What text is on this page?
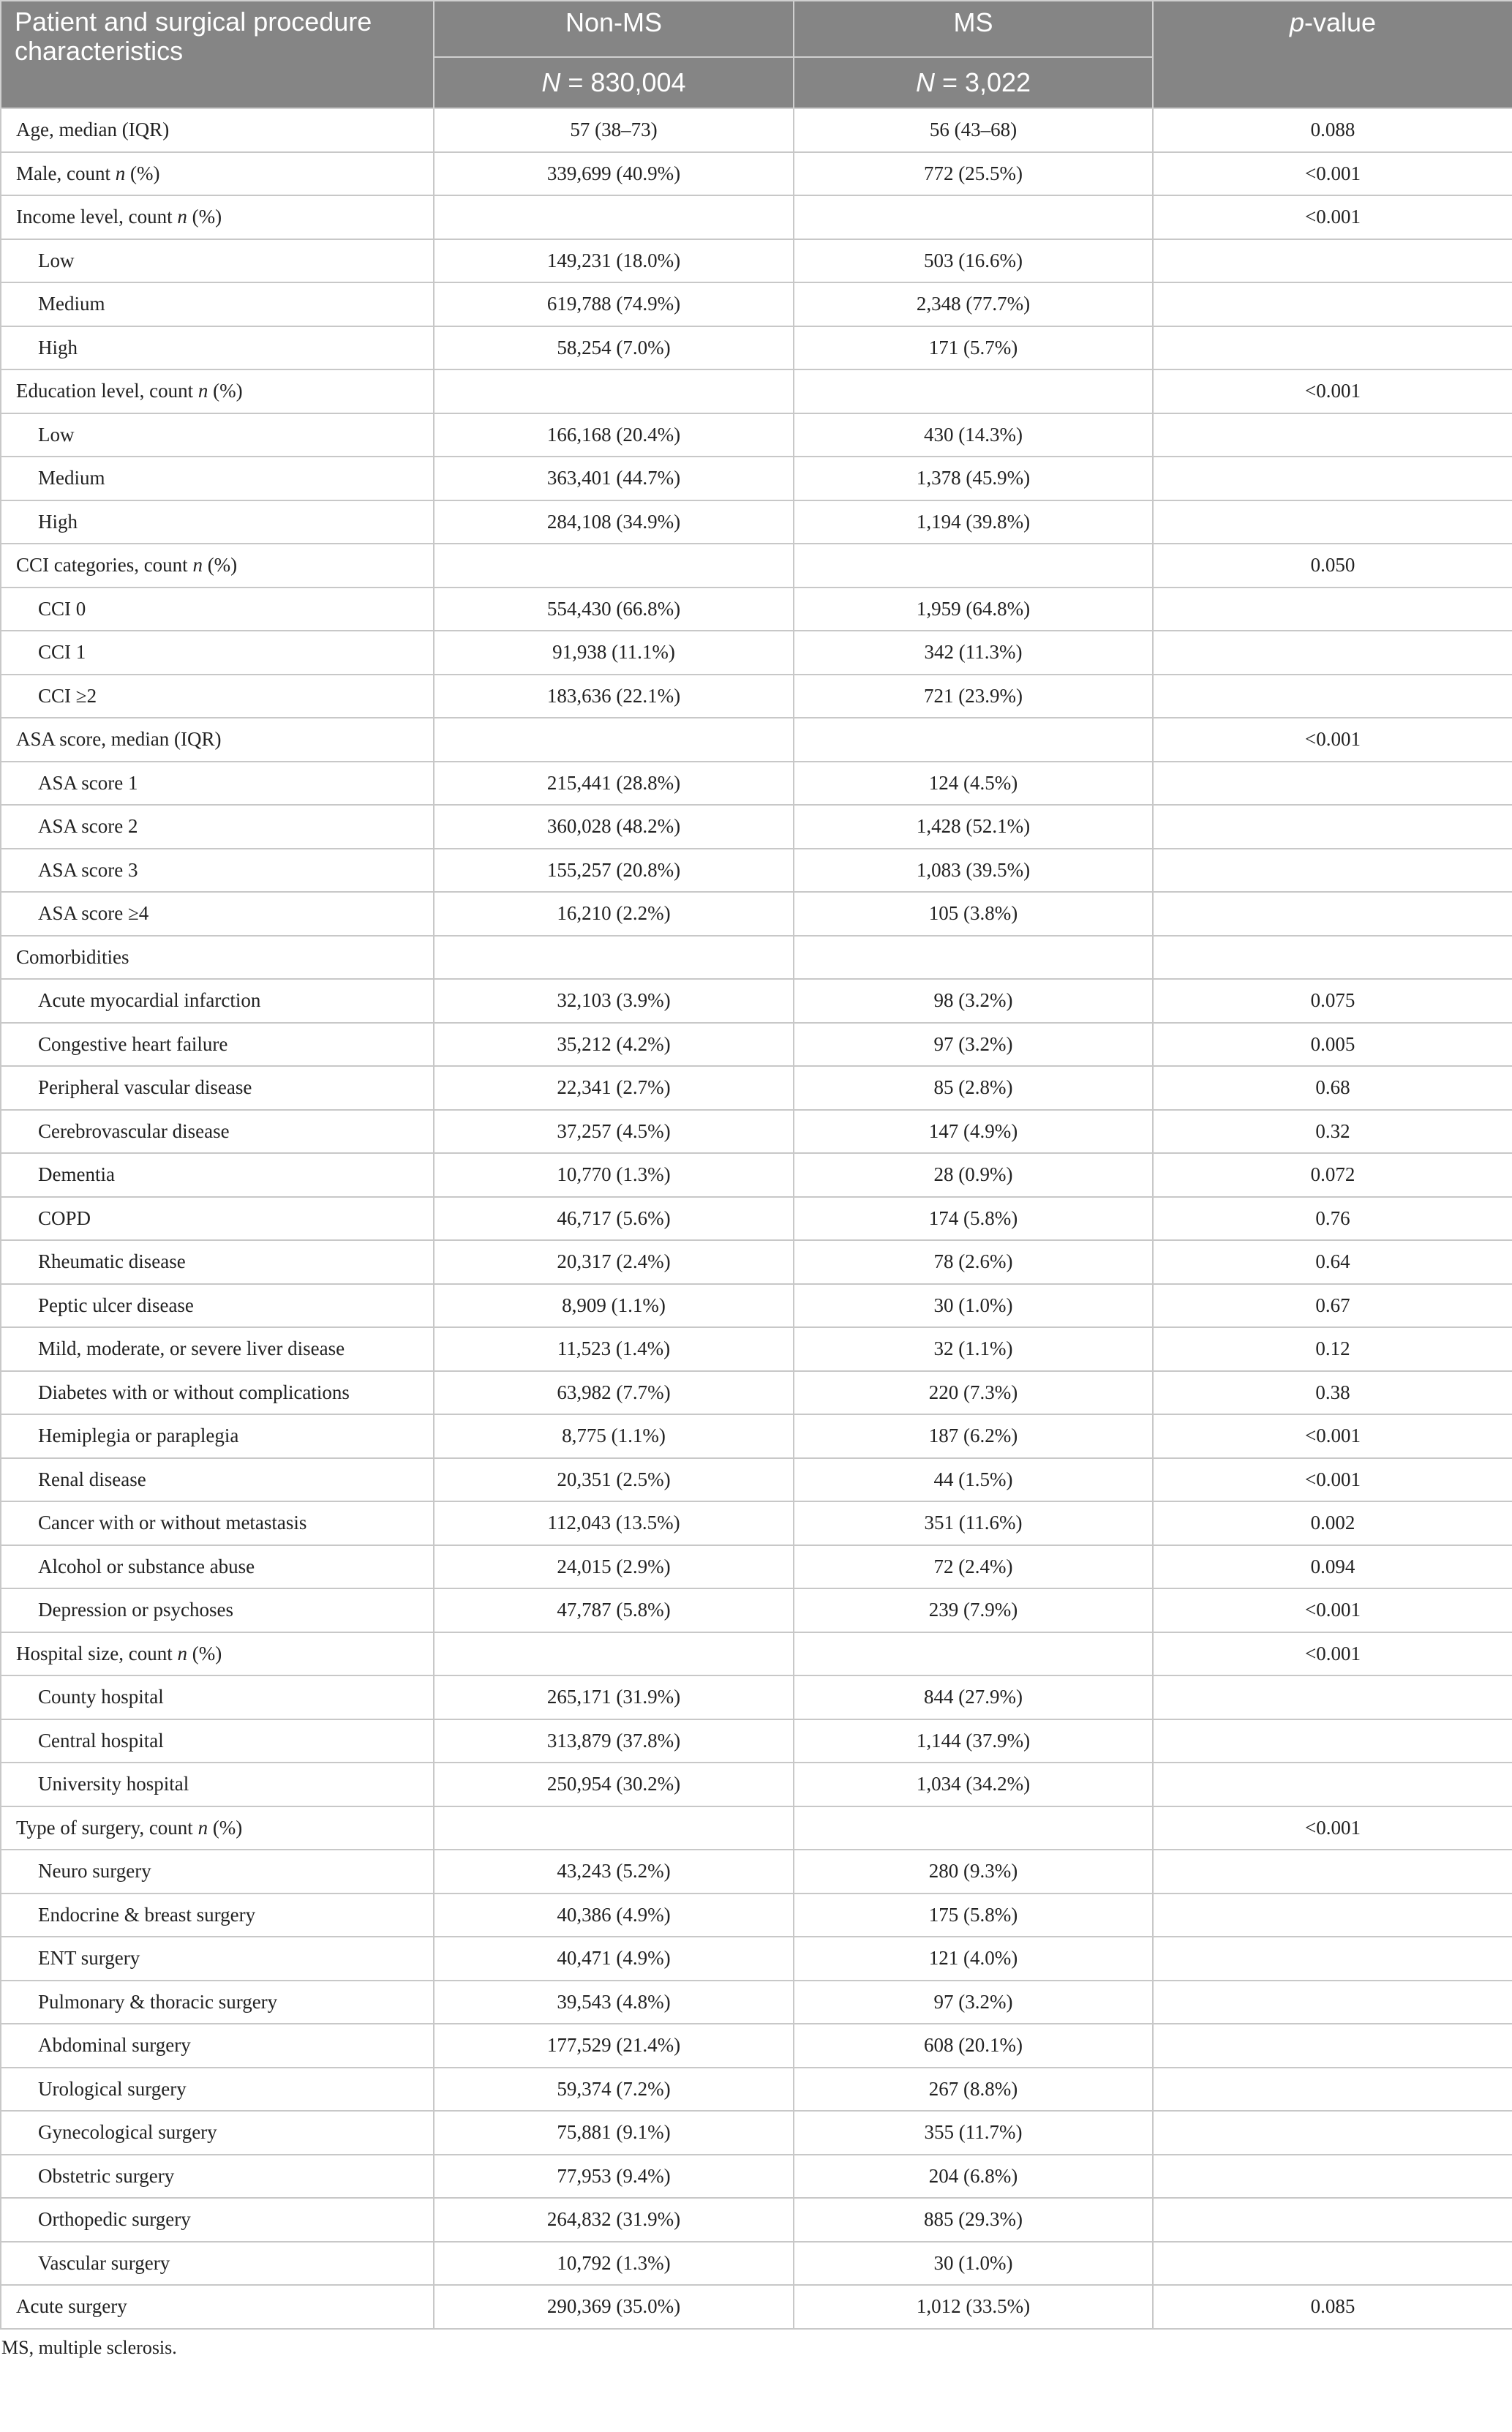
Patient and surgical procedure characteristics	Non-MS	MS	p-value
	N = 830,004	N = 3,022	
Age, median (IQR)	57 (38–73)	56 (43–68)	0.088
Male, count n (%)	339,699 (40.9%)	772 (25.5%)	<0.001
Income level, count n (%)			<0.001
Low	149,231 (18.0%)	503 (16.6%)	
Medium	619,788 (74.9%)	2,348 (77.7%)	
High	58,254 (7.0%)	171 (5.7%)	
Education level, count n (%)			<0.001
Low	166,168 (20.4%)	430 (14.3%)	
Medium	363,401 (44.7%)	1,378 (45.9%)	
High	284,108 (34.9%)	1,194 (39.8%)	
CCI categories, count n (%)			0.050
CCI 0	554,430 (66.8%)	1,959 (64.8%)	
CCI 1	91,938 (11.1%)	342 (11.3%)	
CCI ≥2	183,636 (22.1%)	721 (23.9%)	
ASA score, median (IQR)			<0.001
ASA score 1	215,441 (28.8%)	124 (4.5%)	
ASA score 2	360,028 (48.2%)	1,428 (52.1%)	
ASA score 3	155,257 (20.8%)	1,083 (39.5%)	
ASA score ≥4	16,210 (2.2%)	105 (3.8%)	
Comorbidities			
Acute myocardial infarction	32,103 (3.9%)	98 (3.2%)	0.075
Congestive heart failure	35,212 (4.2%)	97 (3.2%)	0.005
Peripheral vascular disease	22,341 (2.7%)	85 (2.8%)	0.68
Cerebrovascular disease	37,257 (4.5%)	147 (4.9%)	0.32
Dementia	10,770 (1.3%)	28 (0.9%)	0.072
COPD	46,717 (5.6%)	174 (5.8%)	0.76
Rheumatic disease	20,317 (2.4%)	78 (2.6%)	0.64
Peptic ulcer disease	8,909 (1.1%)	30 (1.0%)	0.67
Mild, moderate, or severe liver disease	11,523 (1.4%)	32 (1.1%)	0.12
Diabetes with or without complications	63,982 (7.7%)	220 (7.3%)	0.38
Hemiplegia or paraplegia	8,775 (1.1%)	187 (6.2%)	<0.001
Renal disease	20,351 (2.5%)	44 (1.5%)	<0.001
Cancer with or without metastasis	112,043 (13.5%)	351 (11.6%)	0.002
Alcohol or substance abuse	24,015 (2.9%)	72 (2.4%)	0.094
Depression or psychoses	47,787 (5.8%)	239 (7.9%)	<0.001
Hospital size, count n (%)			<0.001
County hospital	265,171 (31.9%)	844 (27.9%)	
Central hospital	313,879 (37.8%)	1,144 (37.9%)	
University hospital	250,954 (30.2%)	1,034 (34.2%)	
Type of surgery, count n (%)			<0.001
Neuro surgery	43,243 (5.2%)	280 (9.3%)	
Endocrine & breast surgery	40,386 (4.9%)	175 (5.8%)	
ENT surgery	40,471 (4.9%)	121 (4.0%)	
Pulmonary & thoracic surgery	39,543 (4.8%)	97 (3.2%)	
Abdominal surgery	177,529 (21.4%)	608 (20.1%)	
Urological surgery	59,374 (7.2%)	267 (8.8%)	
Gynecological surgery	75,881 (9.1%)	355 (11.7%)	
Obstetric surgery	77,953 (9.4%)	204 (6.8%)	
Orthopedic surgery	264,832 (31.9%)	885 (29.3%)	
Vascular surgery	10,792 (1.3%)	30 (1.0%)	
Acute surgery	290,369 (35.0%)	1,012 (33.5%)	0.085
MS, multiple sclerosis.
